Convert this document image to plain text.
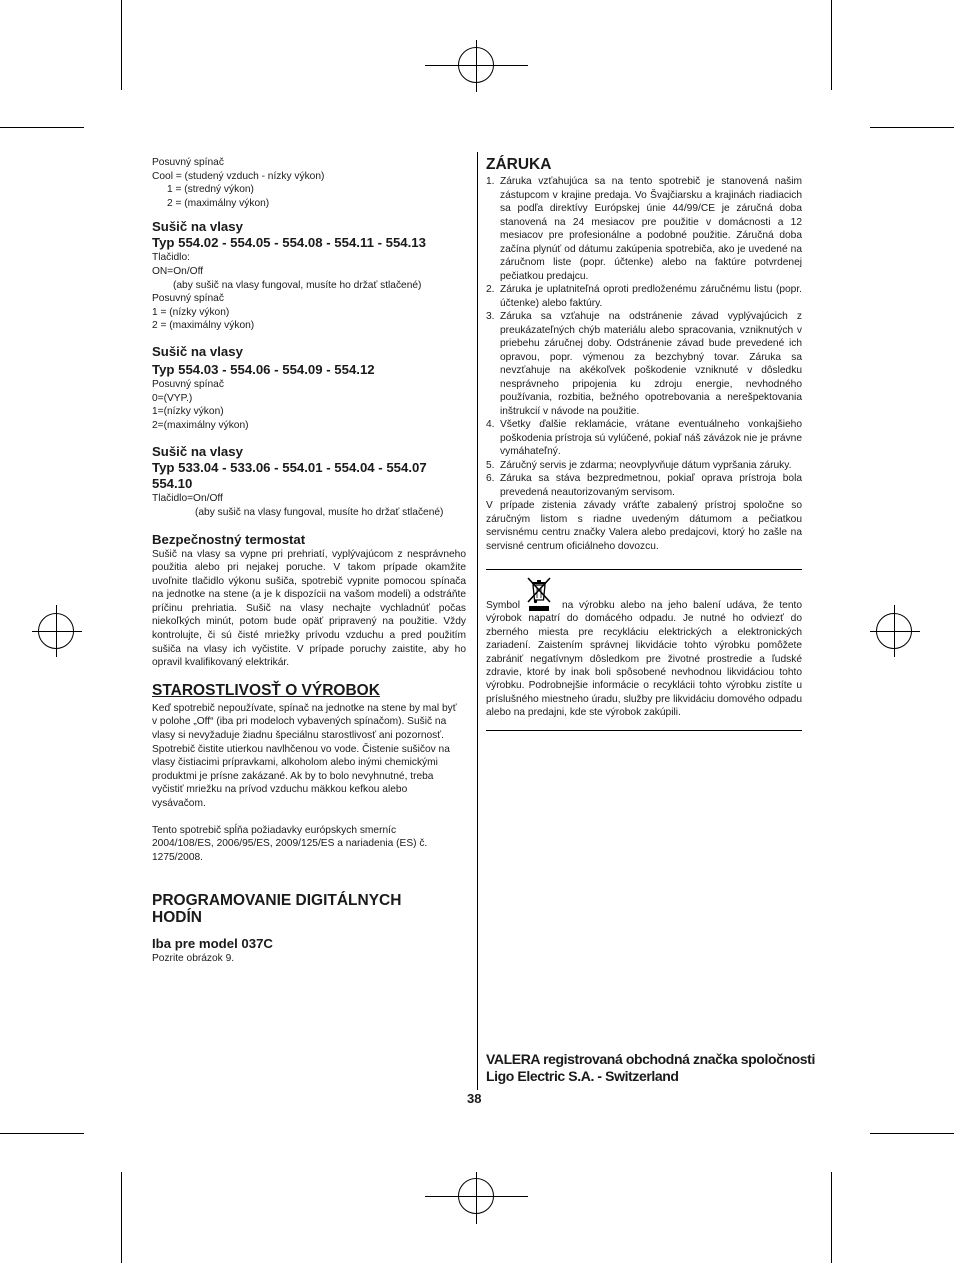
Posuvný spínač
Cool = (studený vzduch - nízky výkon)
1 = (stredný výkon)
2 = (maximálny výkon)
Sušič na vlasy
Typ 554.02 - 554.05 - 554.08 - 554.11 - 554.13
Tlačidlo:
ON=On/Off
(aby sušič na vlasy fungoval, musíte ho držať stlačené)
Posuvný spínač
1 = (nízky výkon)
2 = (maximálny výkon)
Sušič na vlasy
Typ 554.03 - 554.06 - 554.09 - 554.12
Posuvný spínač
0=(VYP.)
1=(nízky výkon)
2=(maximálny výkon)
Sušič na vlasy
Typ 533.04 - 533.06 - 554.01 - 554.04 - 554.07
554.10
Tlačidlo=On/Off
(aby sušič na vlasy fungoval, musíte ho držať stlačené)
Bezpečnostný termostat
Sušič na vlasy sa vypne pri prehriatí, vyplývajúcom z nesprávneho použitia alebo pri nejakej poruche. V takom prípade okamžite uvoľnite tlačidlo výkonu sušiča, spotrebič vypnite pomocou spínača na jednotke na stene (a je k dispozícii na vašom modeli) a odstráňte príčinu prehriatia. Sušič na vlasy nechajte vychladnúť počas niekoľkých minút, potom bude opäť pripravený na použitie. Vždy kontrolujte, či sú čisté mriežky prívodu vzduchu a pred použitím sušiča na vlasy ich vyčistite. V prípade poruchy zaistite, aby ho opravil kvalifikovaný elektrikár.
STAROSTLIVOSŤ O VÝROBOK
Keď spotrebič nepoužívate, spínač na jednotke na stene by mal byť v polohe „Off“ (iba pri modeloch vybavených spínačom). Sušič na vlasy si nevyžaduje žiadnu špeciálnu starostlivosť ani pozornosť. Spotrebič čistite utierkou navlhčenou vo vode. Čistenie sušičov na vlasy čistiacimi prípravkami, alkoholom alebo inými chemickými produktmi je prísne zakázané. Ak by to bolo nevyhnutné, treba vyčistiť mriežku na prívod vzduchu mäkkou kefkou alebo vysávačom.
Tento spotrebič spĺňa požiadavky európskych smerníc 2004/108/ES, 2006/95/ES, 2009/125/ES a nariadenia (ES) č. 1275/2008.
PROGRAMOVANIE DIGITÁLNYCH HODÍN
Iba pre model 037C
Pozrite obrázok 9.
ZÁRUKA
1. Záruka vzťahujúca sa na tento spotrebič je stanovená našim zástupcom v krajine predaja. Vo Švajčiarsku a krajinách riadiacich sa podľa direktívy Európskej únie 44/99/CE je záručná doba stanovená na 24 mesiacov pre použitie v domácnosti a 12 mesiacov pre profesionálne a podobné použitie. Záručná doba začína plynúť od dátumu zakúpenia spotrebiča, ako je uvedené na záručnom liste (popr. účtenke) alebo na faktúre potvrdenej pečiatkou predajcu.
2. Záruka je uplatniteľná oproti predloženému záručnému listu (popr. účtenke) alebo faktúry.
3. Záruka sa vzťahuje na odstránenie závad vyplývajúcich z preukázateľných chýb materiálu alebo spracovania, vzniknutých v priebehu záručnej doby. Odstránenie závad bude prevedené ich opravou, popr. výmenou za bezchybný tovar. Záruka sa nevzťahuje na akékoľvek poškodenie vzniknuté v dôsledku nesprávneho pripojenia ku zdroju energie, nevhodného používania, rozbitia, bežného opotrebovania a nerešpektovania inštrukcií v návode na použitie.
4. Všetky ďalšie reklamácie, vrátane eventuálneho vonkajšieho poškodenia prístroja sú vylúčené, pokiaľ náš závázok nie je právne vymáhateľný.
5. Záručný servis je zdarma; neovplyvňuje dátum vypršania záruky.
6. Záruka sa stáva bezpredmetnou, pokiaľ oprava prístroja bola prevedená neautorizovaným servisom.
V prípade zistenia závady vráťte zabalený prístroj spoločne so záručným listom s riadne uvedeným dátumom a pečiatkou servisnému centru značky Valera alebo predajcovi, ktorý ho zašle na servisné centrum oficiálneho dovozcu.
Symbol	na výrobku alebo na jeho balení udáva, že tento výrobok napatrí do domácého odpadu. Je nutné ho odviezť do zberného miesta pre recykláciu elektrických a elektronických zariadení. Zaistením správnej likvidácie tohto výrobku pomôžete zabrániť negatívnym dôsledkom pre životné prostredie a ľudské zdravie, ktoré by inak boli spôsobené nevhodnou likvidáciou tohto výrobku. Podrobnejšie informácie o recyklácii tohto výrobku zistíte u príslušného miestneho úradu, služby pre likvidáciu domového odpadu alebo na predajni, kde ste výrobok zakúpili.
VALERA registrovaná obchodná značka spoločnosti
Ligo Electric S.A. - Switzerland
38
